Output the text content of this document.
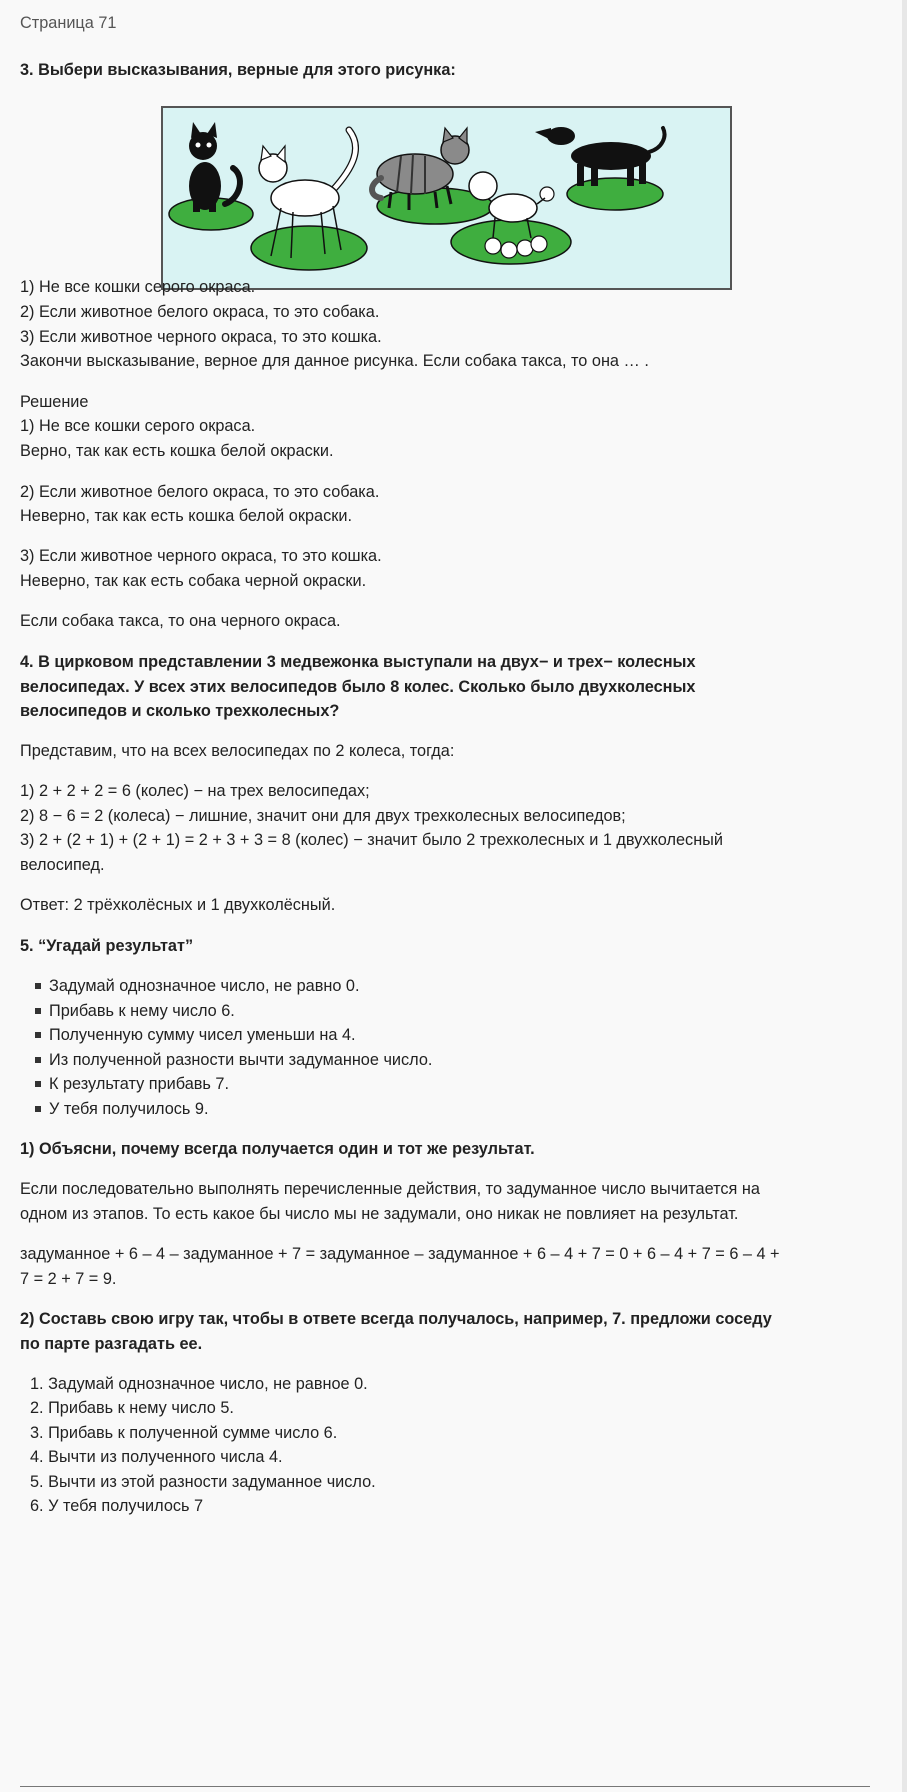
Страница 71
3. Выбери высказывания, верные для этого рисунка:
1) Не все кошки серого окраса.
2) Если животное белого окраса, то это собака.
3) Если животное черного окраса, то это кошка.
Закончи высказывание, верное для данное рисунка. Если собака такса, то она … .
Решение
1) Не все кошки серого окраса.
Верно, так как есть кошка белой окраски.
2) Если животное белого окраса, то это собака.
Неверно, так как есть кошка белой окраски.
3) Если животное черного окраса, то это кошка.
Неверно, так как есть собака черной окраски.
Если собака такса, то она черного окраса.
4. В цирковом представлении 3 медвежонка выступали на двух− и трех− колесных
велосипедах. У всех этих велосипедов было 8 колес. Сколько было двухколесных
велосипедов и сколько трехколесных?
Представим, что на всех велосипедах по 2 колеса, тогда:
1) 2 + 2 + 2 = 6 (колес) − на трех велосипедах;
2) 8 − 6 = 2 (колеса) − лишние, значит они для двух трехколесных велосипедов;
3) 2 + (2 + 1) + (2 + 1) = 2 + 3 + 3 = 8 (колес) − значит было 2 трехколесных и 1 двухколесный
велосипед.
Ответ: 2 трёхколёсных и 1 двухколёсный.
5. “Угадай результат”
Задумай однозначное число, не равно 0.
Прибавь к нему число 6.
Полученную сумму чисел уменьши на 4.
Из полученной разности вычти задуманное число.
К результату прибавь 7.
У тебя получилось 9.
1) Объясни, почему всегда получается один и тот же результат.
Если последовательно выполнять перечисленные действия, то задуманное число вычитается на
одном из этапов. То есть какое бы число мы не задумали, оно никак не повлияет на результат.
задуманное + 6 – 4 – задуманное + 7 = задуманное – задуманное + 6 – 4 + 7 = 0 + 6 – 4 + 7 = 6 – 4 +
7 = 2 + 7 = 9.
2) Составь свою игру так, чтобы в ответе всегда получалось, например, 7. предложи соседу
по парте разгадать ее.
1. Задумай однозначное число, не равное 0.
2. Прибавь к нему число 5.
3. Прибавь к полученной сумме число 6.
4. Вычти из полученного числа 4.
5. Вычти из этой разности задуманное число.
6. У тебя получилось 7
